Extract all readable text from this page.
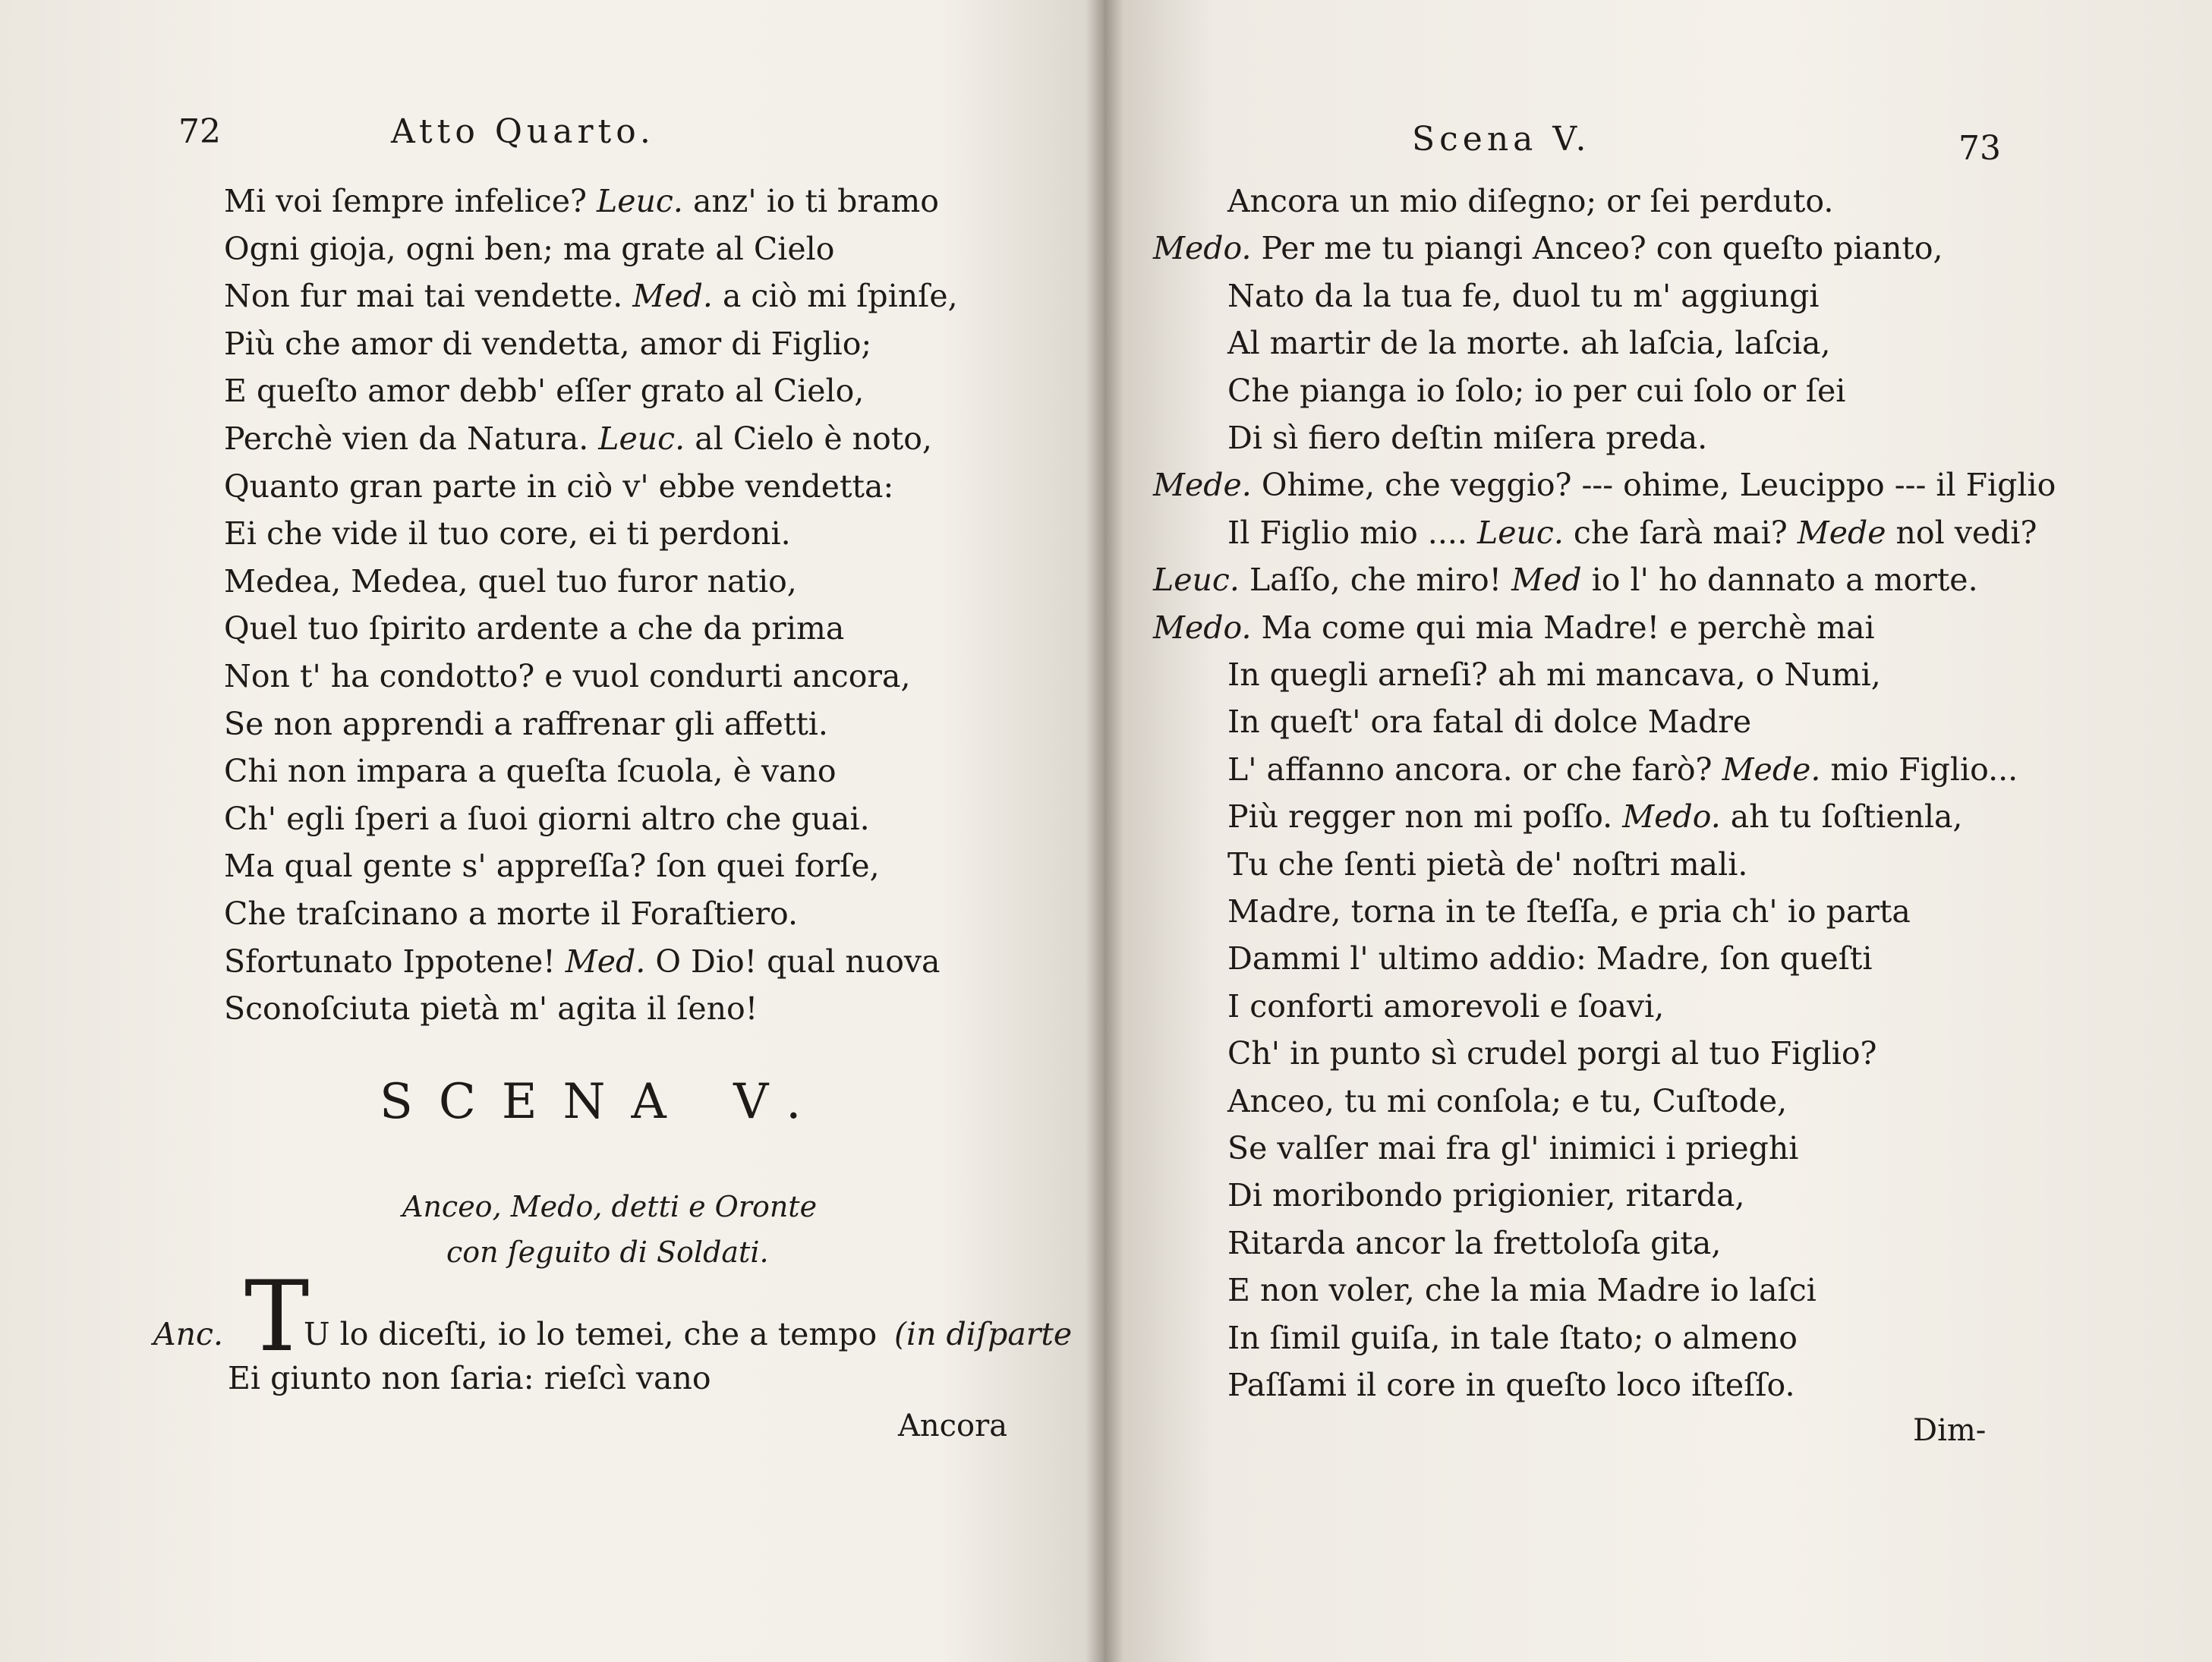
72	Atto Quarto.
Mi voi ſempre infelice? Leuc. anz' io ti bramo
Ogni gioja, ogni ben; ma grate al Cielo
Non fur mai tai vendette. Med. a ciò mi ſpinſe,
Più che amor di vendetta, amor di Figlio;
E queſto amor debb' eſſer grato al Cielo,
Perchè vien da Natura. Leuc. al Cielo è noto,
Quanto gran parte in ciò v' ebbe vendetta:
Ei che vide il tuo core, ei ti perdoni.
Medea, Medea, quel tuo furor natio,
Quel tuo ſpirito ardente a che da prima
Non t' ha condotto? e vuol condurti ancora,
Se non apprendi a raffrenar gli affetti.
Chi non impara a queſta ſcuola, è vano
Ch' egli ſperi a ſuoi giorni altro che guai.
Ma qual gente s' appreſſa? ſon quei forſe,
Che traſcinano a morte il Foraſtiero.
Sfortunato Ippotene! Med. O Dio! qual nuova
Sconoſciuta pietà m' agita il ſeno!
SCENA V.
Anceo, Medo, detti e Oronte
con ſeguito di Soldati.
Anc. T
U lo diceſti, io lo temei, che a tempo (in diſparte
Ei giunto non ſaria: rieſcì vano
Ancora
Scena V.	73
Ancora un mio diſegno; or ſei perduto.
Medo. Per me tu piangi Anceo? con queſto pianto,
Nato da la tua fe, duol tu m' aggiungi
Al martir de la morte. ah laſcia, laſcia,
Che pianga io ſolo; io per cui ſolo or ſei
Di sì fiero deſtin miſera preda.
Mede. Ohime, che veggio? --- ohime, Leucippo --- il Figlio
Il Figlio mio .... Leuc. che ſarà mai? Mede nol vedi?
Leuc. Laſſo, che miro! Med io l' ho dannato a morte.
Medo. Ma come qui mia Madre! e perchè mai
In quegli arneſi? ah mi mancava, o Numi,
In queſt' ora fatal di dolce Madre
L' affanno ancora. or che farò? Mede. mio Figlio...
Più regger non mi poſſo. Medo. ah tu ſoſtienla,
Tu che ſenti pietà de' noſtri mali.
Madre, torna in te ſteſſa, e pria ch' io parta
Dammi l' ultimo addio: Madre, ſon queſti
I conforti amorevoli e ſoavi,
Ch' in punto sì crudel porgi al tuo Figlio?
Anceo, tu mi conſola; e tu, Cuſtode,
Se valſer mai fra gl' inimici i prieghi
Di moribondo prigionier, ritarda,
Ritarda ancor la frettoloſa gita,
E non voler, che la mia Madre io laſci
In ſimil guiſa, in tale ſtato; o almeno
Paſſami il core in queſto loco iſteſſo.
Dim-
